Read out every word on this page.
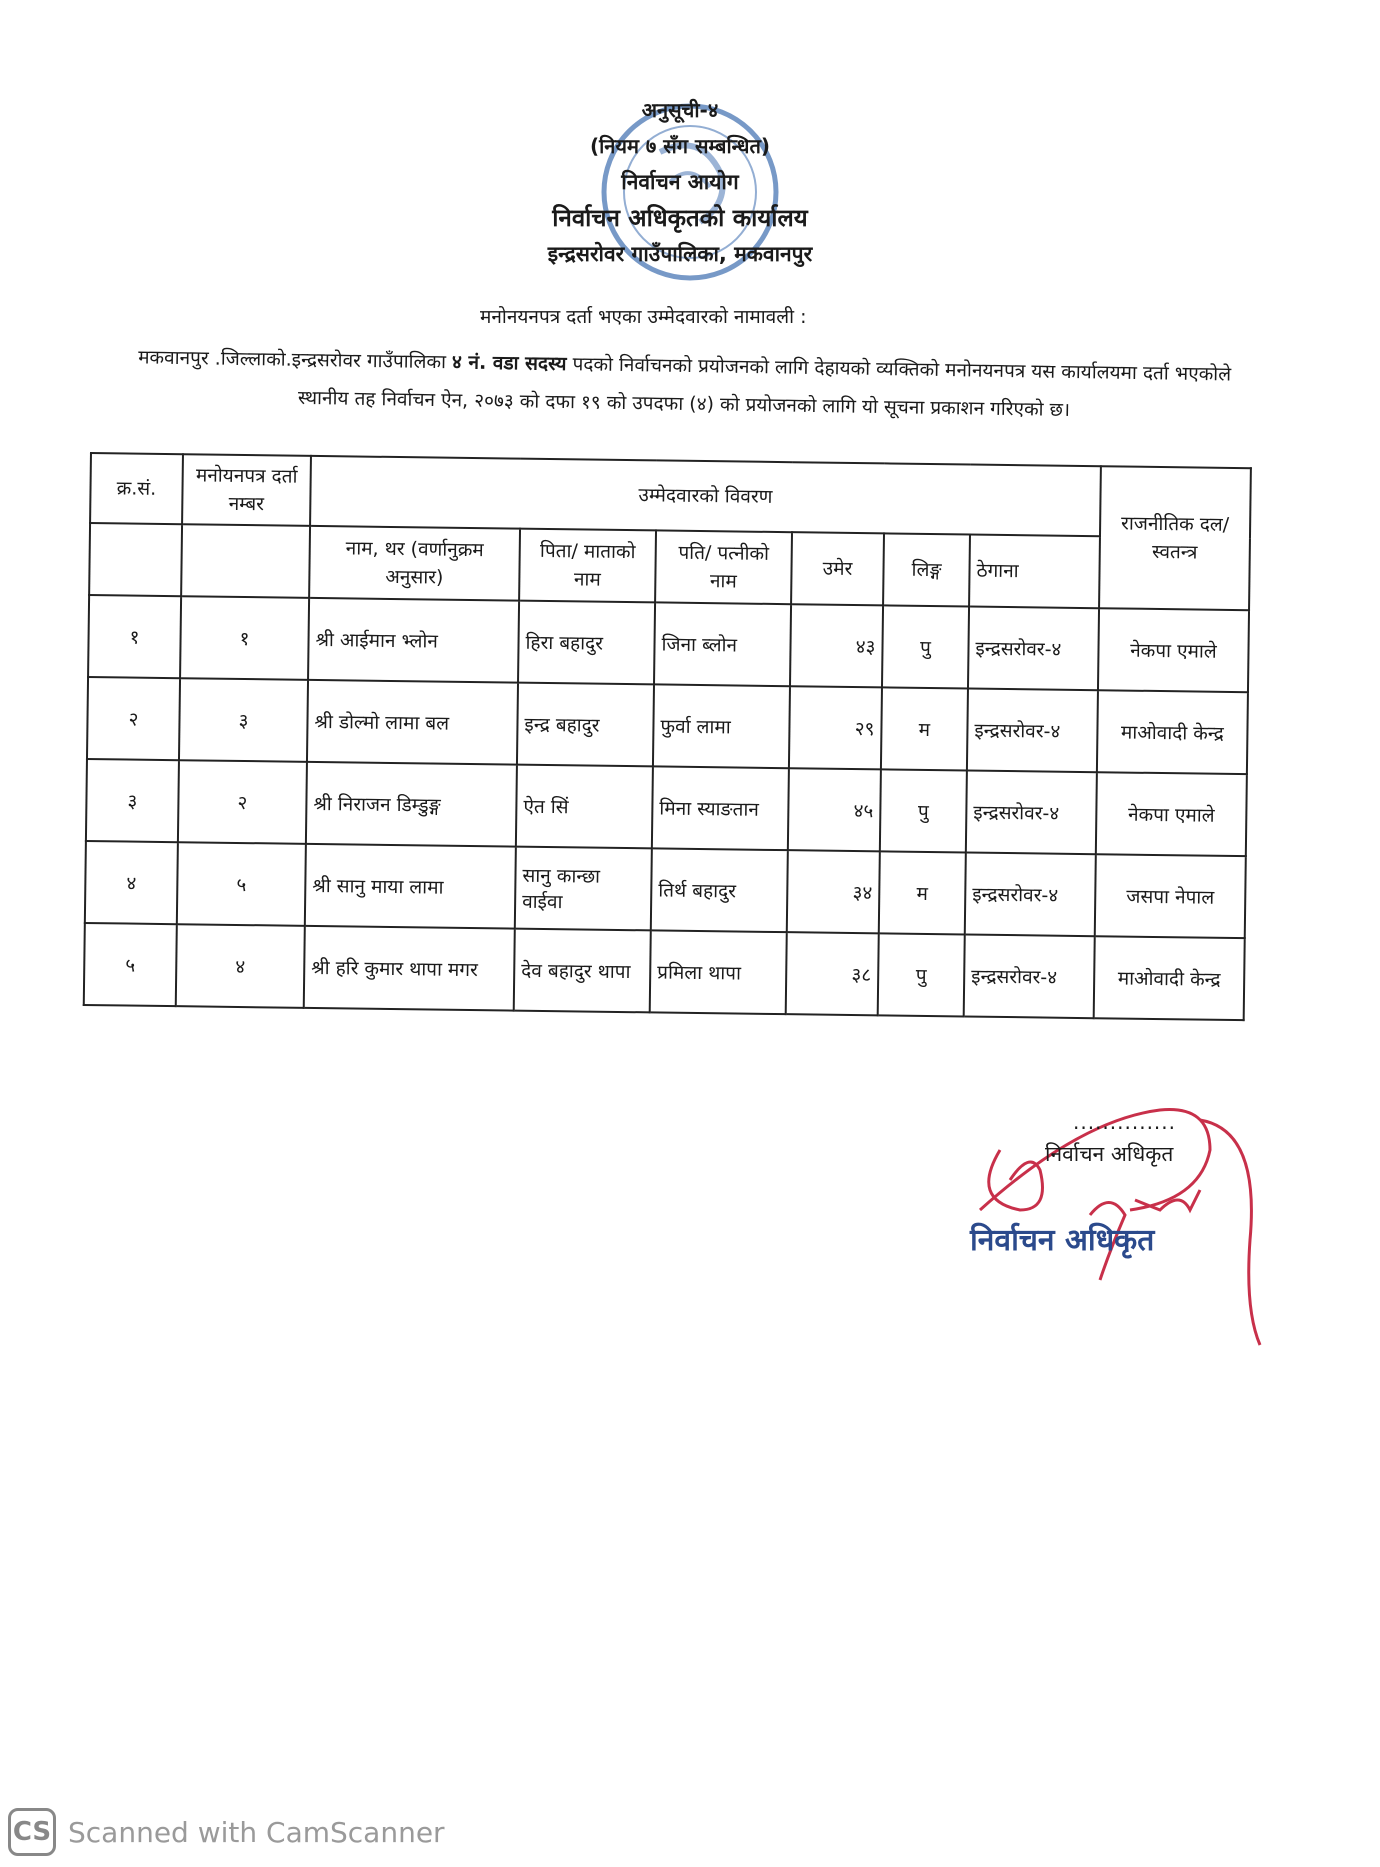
अनुसूची-४
(नियम ७ सँग सम्बन्धित)
निर्वाचन आयोग
निर्वाचन अधिकृतको कार्यालय
इन्द्रसरोवर गाउँपालिका, मकवानपुर
मनोनयनपत्र दर्ता भएका उम्मेदवारको नामावली :
मकवानपुर .जिल्लाको.इन्द्रसरोवर गाउँपालिका ४ नं. वडा सदस्य पदको निर्वाचनको प्रयोजनको लागि देहायको व्यक्तिको मनोनयनपत्र यस कार्यालयमा दर्ता भएकोले स्थानीय तह निर्वाचन ऐन, २०७३ को दफा १९ को उपदफा (४) को प्रयोजनको लागि यो सूचना प्रकाशन गरिएको छ।
क्र.सं.	मनोयनपत्र दर्ता नम्बर	उम्मेदवारको विवरण						राजनीतिक दल/स्वतन्त्र
		नाम, थर (वर्णानुक्रम अनुसार)	पिता/ माताको नाम	पति/ पत्नीको नाम	उमेर	लिङ्ग	ठेगाना	
१	१	श्री आईमान भ्लोन	हिरा बहादुर	जिना ब्लोन	४३	पु	इन्द्रसरोवर-४	नेकपा एमाले
२	३	श्री डोल्मो लामा बल	इन्द्र बहादुर	फुर्वा लामा	२९	म	इन्द्रसरोवर-४	माओवादी केन्द्र
३	२	श्री निराजन डिम्डुङ्ग	ऐत सिं	मिना स्याङतान	४५	पु	इन्द्रसरोवर-४	नेकपा एमाले
४	५	श्री सानु माया लामा	सानु कान्छा वाईवा	तिर्थ बहादुर	३४	म	इन्द्रसरोवर-४	जसपा नेपाल
५	४	श्री हरि कुमार थापा मगर	देव बहादुर थापा	प्रमिला थापा	३८	पु	इन्द्रसरोवर-४	माओवादी केन्द्र
..............
निर्वाचन अधिकृत
निर्वाचन अधिकृत
CS Scanned with CamScanner
